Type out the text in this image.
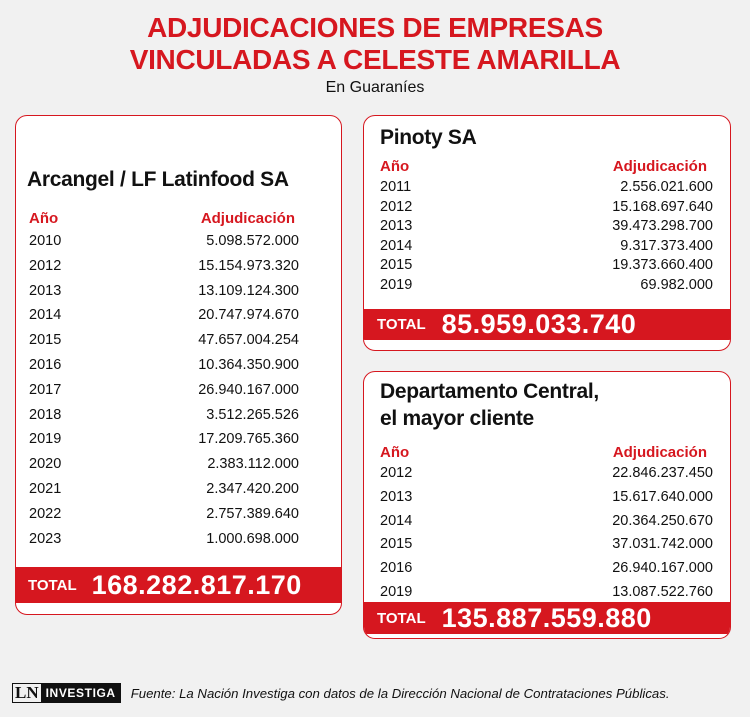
ADJUDICACIONES DE EMPRESAS
VINCULADAS A CELESTE AMARILLA
En Guaraníes
Arcangel / LF Latinfood SA
Año	Adjudicación
2010	5.098.572.000
2012	15.154.973.320
2013	13.109.124.300
2014	20.747.974.670
2015	47.657.004.254
2016	10.364.350.900
2017	26.940.167.000
2018	3.512.265.526
2019	17.209.765.360
2020	2.383.112.000
2021	2.347.420.200
2022	2.757.389.640
2023	1.000.698.000
TOTAL 168.282.817.170
Pinoty SA
Año	Adjudicación
2011	2.556.021.600
2012	15.168.697.640
2013	39.473.298.700
2014	9.317.373.400
2015	19.373.660.400
2019	69.982.000
TOTAL 85.959.033.740
Departamento Central,
el mayor cliente
Año	Adjudicación
2012	22.846.237.450
2013	15.617.640.000
2014	20.364.250.670
2015	37.031.742.000
2016	26.940.167.000
2019	13.087.522.760
TOTAL 135.887.559.880
LN INVESTIGA	Fuente: La Nación Investiga con datos de la Dirección Nacional de Contrataciones Públicas.
